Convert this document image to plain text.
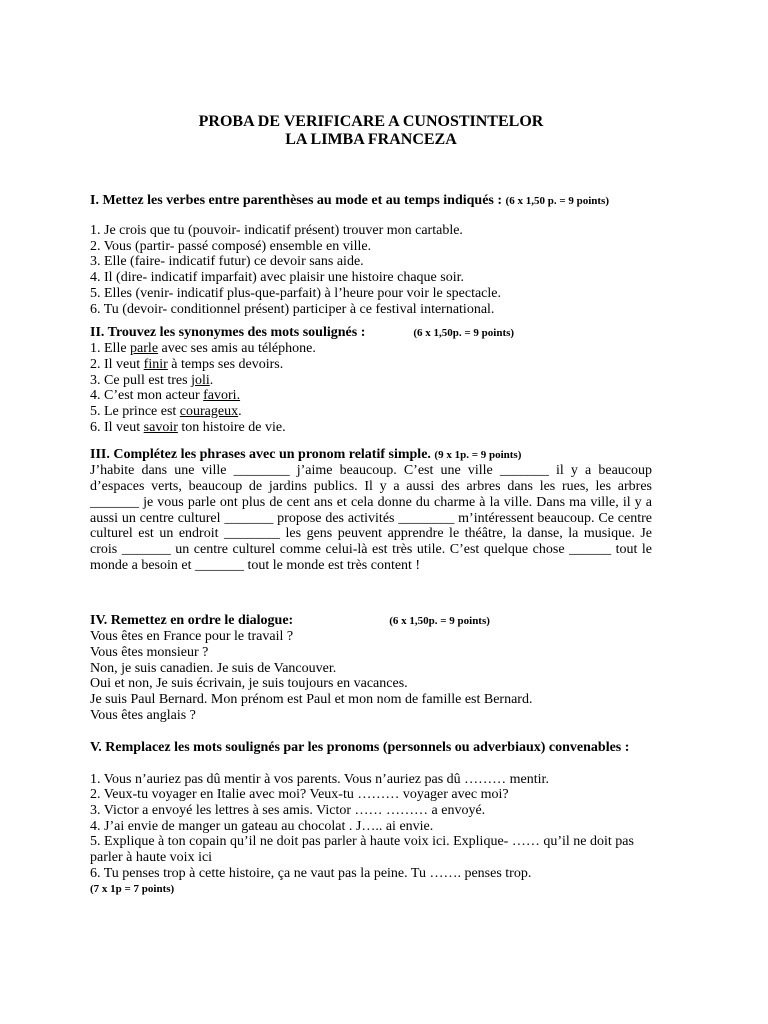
PROBA DE VERIFICARE A CUNOSTINTELOR
LA LIMBA FRANCEZA

I. Mettez les verbes entre parenthèses au mode et au temps indiqués : (6 x 1,50 p. = 9 points)

1. Je crois que tu (pouvoir- indicatif présent) trouver mon cartable.
2. Vous (partir- passé composé) ensemble en ville.
3. Elle (faire- indicatif futur) ce devoir sans aide.
4. Il (dire- indicatif imparfait) avec plaisir une histoire chaque soir.
5. Elles (venir- indicatif plus-que-parfait) à l’heure pour voir le spectacle.
6. Tu (devoir- conditionnel présent) participer à ce festival international.

II. Trouvez les synonymes des mots soulignés :	(6 x 1,50p. = 9 points)

1. Elle parle avec ses amis au téléphone.
2. Il veut finir à temps ses devoirs.
3. Ce pull est tres joli.
4. C’est mon acteur favori.
5. Le prince est courageux.
6. Il veut savoir ton histoire de vie.

III. Complétez les phrases avec un pronom relatif simple. (9 x 1p. = 9 points)

J’habite dans une ville ________ j’aime beaucoup. C’est une ville _______ il y a beaucoup d’espaces verts, beaucoup de jardins publics. Il y a aussi des arbres dans les rues, les arbres _______ je vous parle ont plus de cent ans et cela donne du charme à la ville. Dans ma ville, il y a aussi un centre culturel _______ propose des activités ________ m’intéressent beaucoup. Ce centre culturel est un endroit ________ les gens peuvent apprendre le théâtre, la danse, la musique. Je crois _______ un centre culturel comme celui-là est très utile. C’est quelque chose ______ tout le monde a besoin et _______ tout le monde est très content !

IV. Remettez en ordre le dialogue:	(6 x 1,50p. = 9 points)

Vous êtes en France pour le travail ?
Vous êtes monsieur ?
Non, je suis canadien. Je suis de Vancouver.
Oui et non, Je suis écrivain, je suis toujours en vacances.
Je suis Paul Bernard. Mon prénom est Paul et mon nom de famille est Bernard.
Vous êtes anglais ?

V. Remplacez les mots soulignés par les pronoms (personnels ou adverbiaux) convenables :

1. Vous n’auriez pas dû mentir à vos parents. Vous n’auriez pas dû ……… mentir.
2. Veux-tu voyager en Italie avec moi? Veux-tu ……… voyager avec moi?
3. Victor a envoyé les lettres à ses amis. Victor …… ……… a envoyé.
4. J’ai envie de manger un gateau au chocolat . J….. ai envie.

5. Explique à ton copain qu’il ne doit pas parler à haute voix ici. Explique- …… qu’il ne doit pas parler à haute voix ici

6. Tu penses trop à cette histoire, ça ne vaut pas la peine. Tu ……. penses trop.
(7 x 1p = 7 points)
